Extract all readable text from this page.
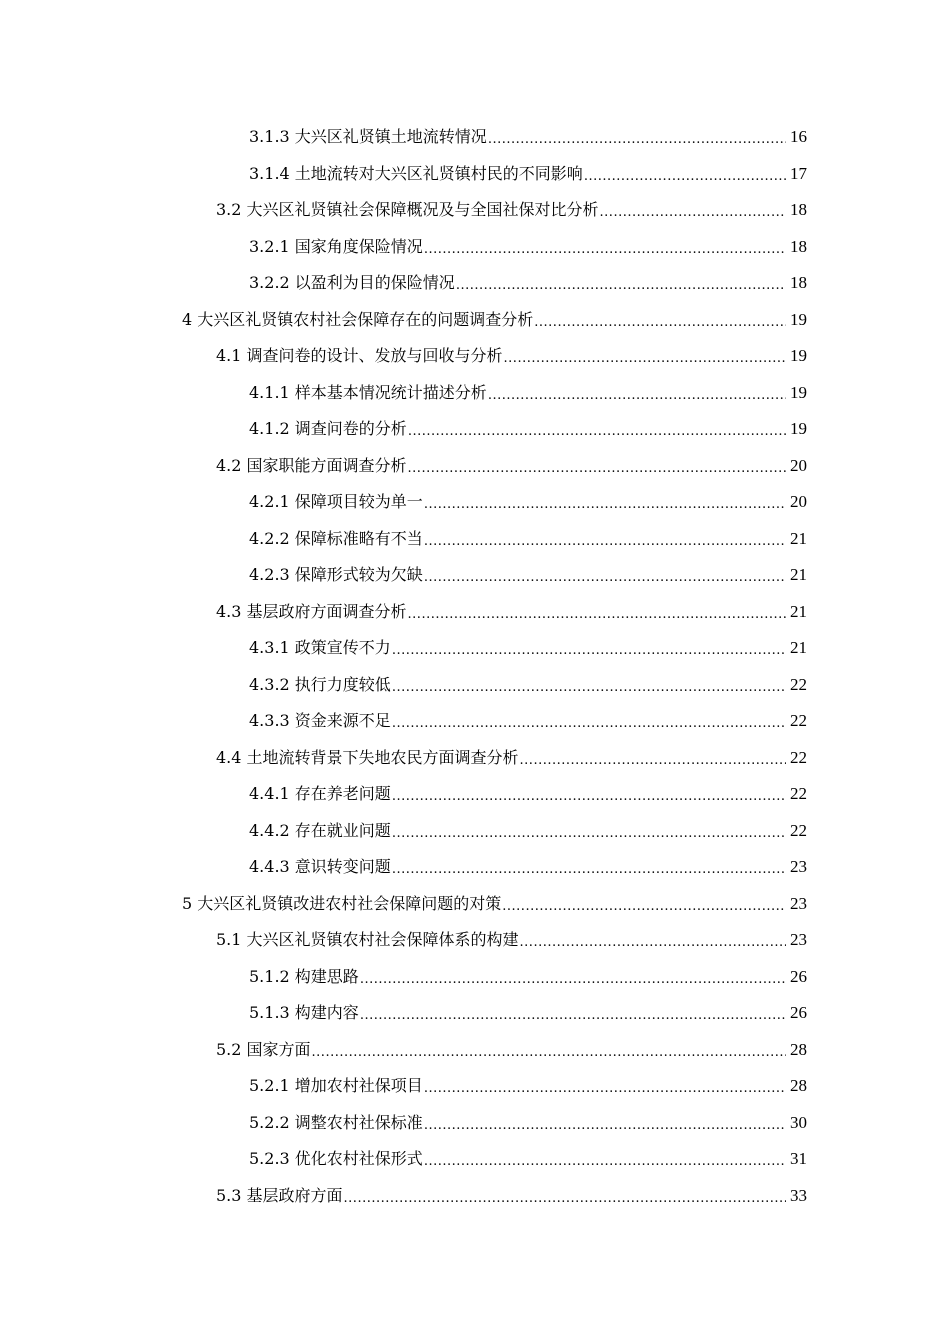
3.1.3 大兴区礼贤镇土地流转情况 .....	16
3.1.4 土地流转对大兴区礼贤镇村民的不同影响 .....	17
3.2 大兴区礼贤镇社会保障概况及与全国社保对比分析 .....	18
3.2.1 国家角度保险情况 .....	18
3.2.2 以盈利为目的保险情况 .....	18
4 大兴区礼贤镇农村社会保障存在的问题调查分析 .....	19
4.1 调查问卷的设计、发放与回收与分析 .....	19
4.1.1 样本基本情况统计描述分析 .....	19
4.1.2 调查问卷的分析 .....	19
4.2 国家职能方面调查分析 .....	20
4.2.1 保障项目较为单一 .....	20
4.2.2 保障标准略有不当 .....	21
4.2.3 保障形式较为欠缺 .....	21
4.3 基层政府方面调查分析 .....	21
4.3.1 政策宣传不力 .....	21
4.3.2 执行力度较低 .....	22
4.3.3 资金来源不足 .....	22
4.4 土地流转背景下失地农民方面调查分析 .....	22
4.4.1 存在养老问题 .....	22
4.4.2 存在就业问题 .....	22
4.4.3 意识转变问题 .....	23
5 大兴区礼贤镇改进农村社会保障问题的对策 .....	23
5.1 大兴区礼贤镇农村社会保障体系的构建 .....	23
5.1.2 构建思路 .....	26
5.1.3 构建内容 .....	26
5.2 国家方面 .....	28
5.2.1 增加农村社保项目 .....	28
5.2.2 调整农村社保标准 .....	30
5.2.3 优化农村社保形式 .....	31
5.3 基层政府方面 .....	33
